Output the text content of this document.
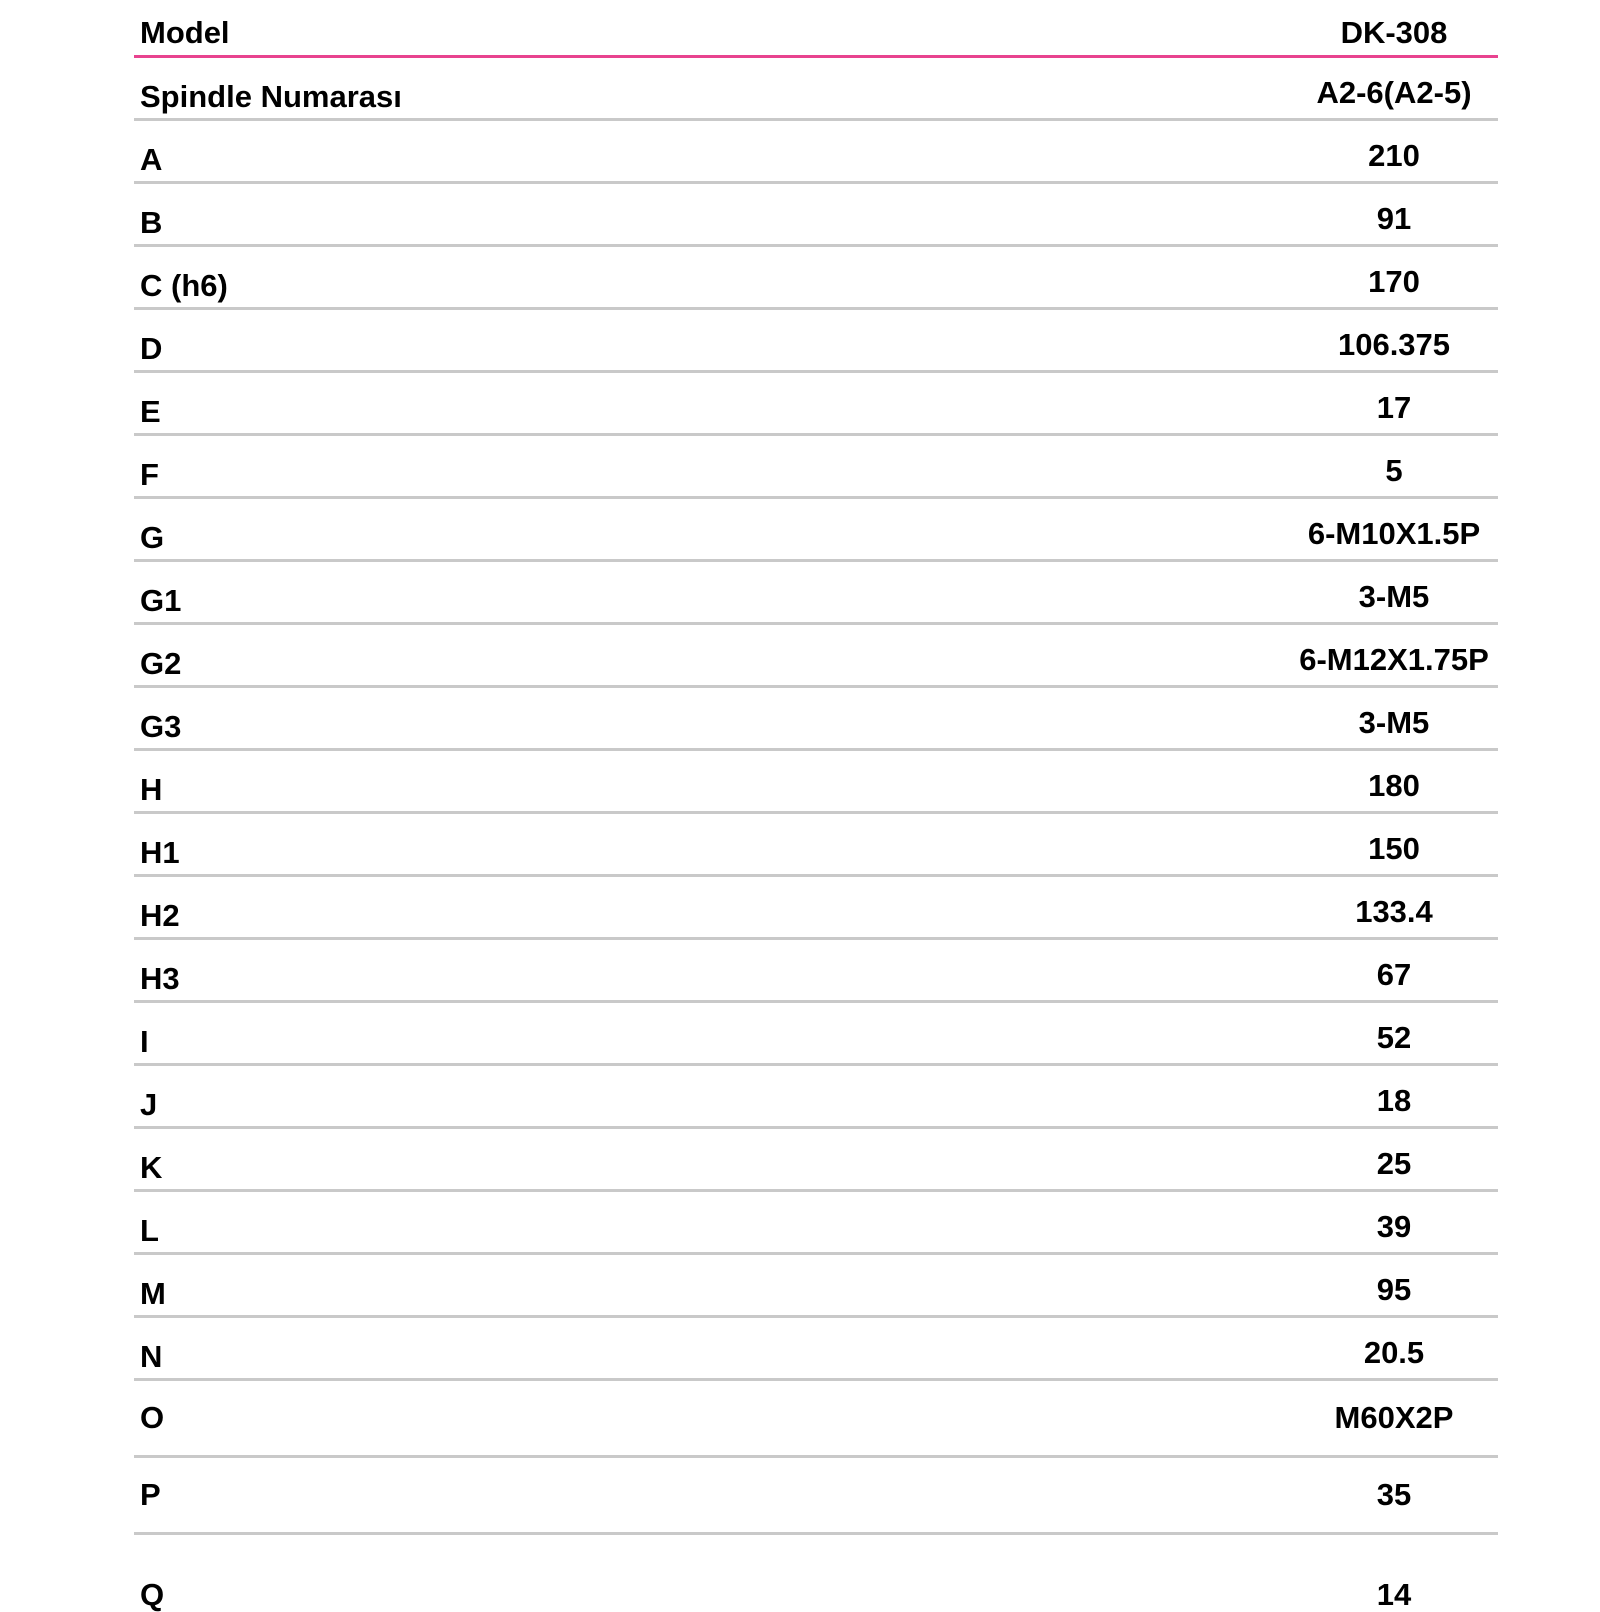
Model	DK-308
Spindle Numarası	A2-6(A2-5)
A	210
B	91
C (h6)	170
D	106.375
E	17
F	5
G	6-M10X1.5P
G1	3-M5
G2	6-M12X1.75P
G3	3-M5
H	180
H1	150
H2	133.4
H3	67
I	52
J	18
K	25
L	39
M	95
N	20.5
O	M60X2P
P	35
Q	14
